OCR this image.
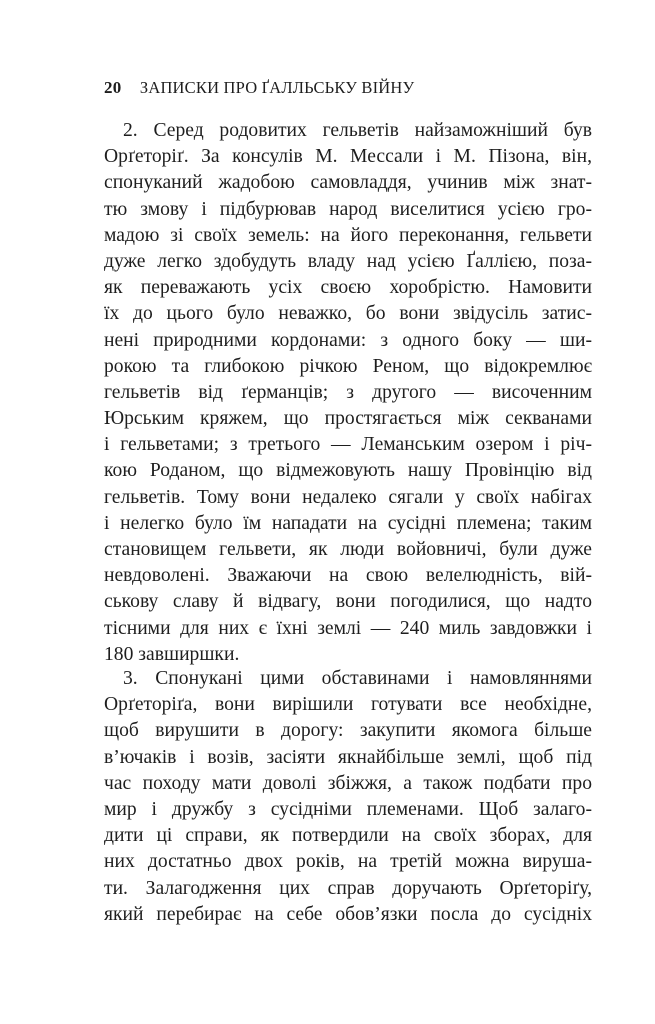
20 ЗАПИСКИ ПРО ҐАЛЛЬСЬКУ ВІЙНУ
2. Серед родовитих гельветів найзаможніший був
Орґеторіґ. За консулів М. Мессали і М. Пізона, він,
спонуканий жадобою самовладдя, учинив між знат-
тю змову і підбурював народ виселитися усією гро-
мадою зі своїх земель: на його переконання, гельвети
дуже легко здобудуть владу над усією Ґаллією, поза-
як переважають усіх своєю хоробрістю. Намовити
їх до цього було неважко, бо вони звідусіль затис-
нені природними кордонами: з одного боку — ши-
рокою та глибокою річкою Реном, що відокремлює
гельветів від ґерманців; з другого — височенним
Юрським кряжем, що простягається між секванами
і гельветами; з третього — Леманським озером і річ-
кою Роданом, що відмежовують нашу Провінцію від
гельветів. Тому вони недалеко сягали у своїх набігах
і нелегко було їм нападати на сусідні племена; таким
становищем гельвети, як люди войовничі, були дуже
невдоволені. Зважаючи на свою велелюдність, вій-
ськову славу й відвагу, вони погодилися, що надто
тісними для них є їхні землі — 240 миль завдовжки і
180 завширшки.
3. Спонукані цими обставинами і намовляннями
Орґеторіґа, вони вирішили готувати все необхідне,
щоб вирушити в дорогу: закупити якомога більше
в’ючаків і возів, засіяти якнайбільше землі, щоб під
час походу мати доволі збіжжя, а також подбати про
мир і дружбу з сусідніми племенами. Щоб залаго-
дити ці справи, як потвердили на своїх зборах, для
них достатньо двох років, на третій можна вируша-
ти. Залагодження цих справ доручають Орґеторіґу,
який перебирає на себе обов’язки посла до сусідніх
